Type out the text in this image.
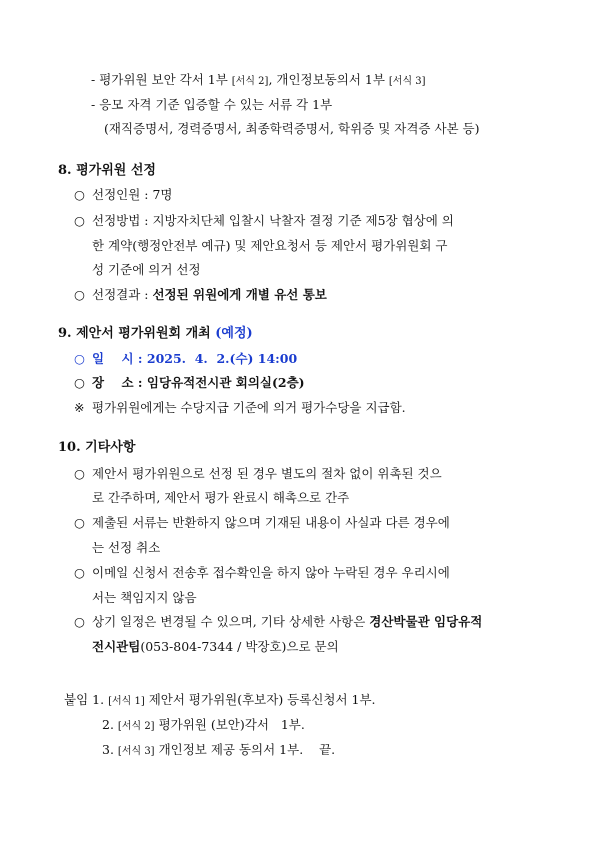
- 평가위원 보안 각서 1부 [서식 2], 개인정보동의서 1부 [서식 3]
- 응모 자격 기준 입증할 수 있는 서류 각 1부
(재직증명서, 경력증명서, 최종학력증명서, 학위증 및 자격증 사본 등)
8. 평가위원 선정
○ 선정인원 : 7명
○ 선정방법 : 지방자치단체 입찰시 낙찰자 결정 기준 제5장 협상에 의
한 계약(행정안전부 예규) 및 제안요청서 등 제안서 평가위원회 구
성 기준에 의거 선정
○ 선정결과 : 선정된 위원에게 개별 유선 통보
9. 제안서 평가위원회 개최 (예정)
○ 일    시 : 2025.  4.  2.(수) 14:00
○ 장    소 : 임당유적전시관 회의실(2층)
※ 평가위원에게는 수당지급 기준에 의거 평가수당을 지급함.
10. 기타사항
○ 제안서 평가위원으로 선정 된 경우 별도의 절차 없이 위촉된 것으
로 간주하며, 제안서 평가 완료시 해촉으로 간주
○ 제출된 서류는 반환하지 않으며 기재된 내용이 사실과 다른 경우에
는 선정 취소
○ 이메일 신청서 전송후 접수확인을 하지 않아 누락된 경우 우리시에
서는 책임지지 않음
○ 상기 일정은 변경될 수 있으며, 기타 상세한 사항은 경산박물관 임당유적
전시관팀(053-804-7344 / 박장호)으로 문의
붙임 1. [서식 1] 제안서 평가위원(후보자) 등록신청서 1부.
2. [서식 2] 평가위원 (보안)각서   1부.
3. [서식 3] 개인정보 제공 동의서 1부.    끝.
